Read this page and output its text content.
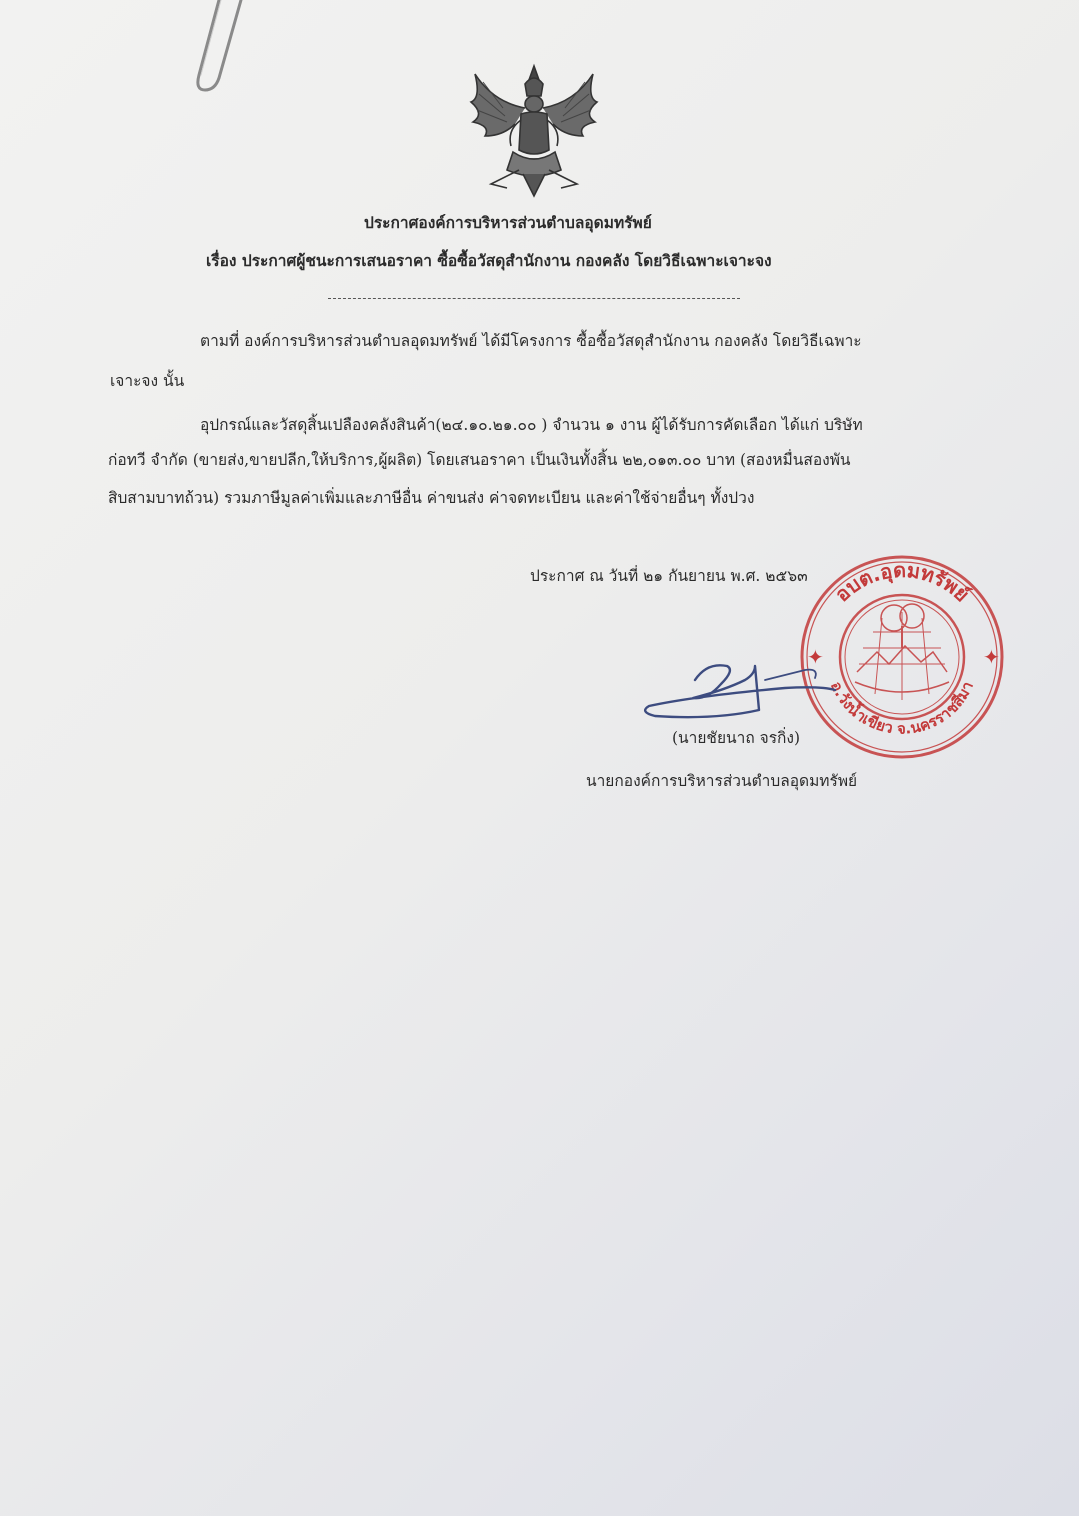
ประกาศองค์การบริหารส่วนตำบลอุดมทรัพย์
เรื่อง ประกาศผู้ชนะการเสนอราคา ซื้อซื้อวัสดุสำนักงาน กองคลัง โดยวิธีเฉพาะเจาะจง
ตามที่ องค์การบริหารส่วนตำบลอุดมทรัพย์ ได้มีโครงการ ซื้อซื้อวัสดุสำนักงาน กองคลัง โดยวิธีเฉพาะ
เจาะจง นั้น
อุปกรณ์และวัสดุสิ้นเปลืองคลังสินค้า(๒๔.๑๐.๒๑.๐๐ ) จำนวน ๑ งาน ผู้ได้รับการคัดเลือก ได้แก่ บริษัท
ก่อทวี จำกัด (ขายส่ง,ขายปลีก,ให้บริการ,ผู้ผลิต) โดยเสนอราคา เป็นเงินทั้งสิ้น ๒๒,๐๑๓.๐๐ บาท (สองหมื่นสองพัน
สิบสามบาทถ้วน) รวมภาษีมูลค่าเพิ่มและภาษีอื่น ค่าขนส่ง ค่าจดทะเบียน และค่าใช้จ่ายอื่นๆ ทั้งปวง
ประกาศ ณ วันที่ ๒๑ กันยายน พ.ศ. ๒๕๖๓
✦	✦
อบต.อุดมทรัพย์
อ.วังน้ำเขียว จ.นครราชสีมา
(นายชัยนาถ จรกิ่ง)
นายกองค์การบริหารส่วนตำบลอุดมทรัพย์
